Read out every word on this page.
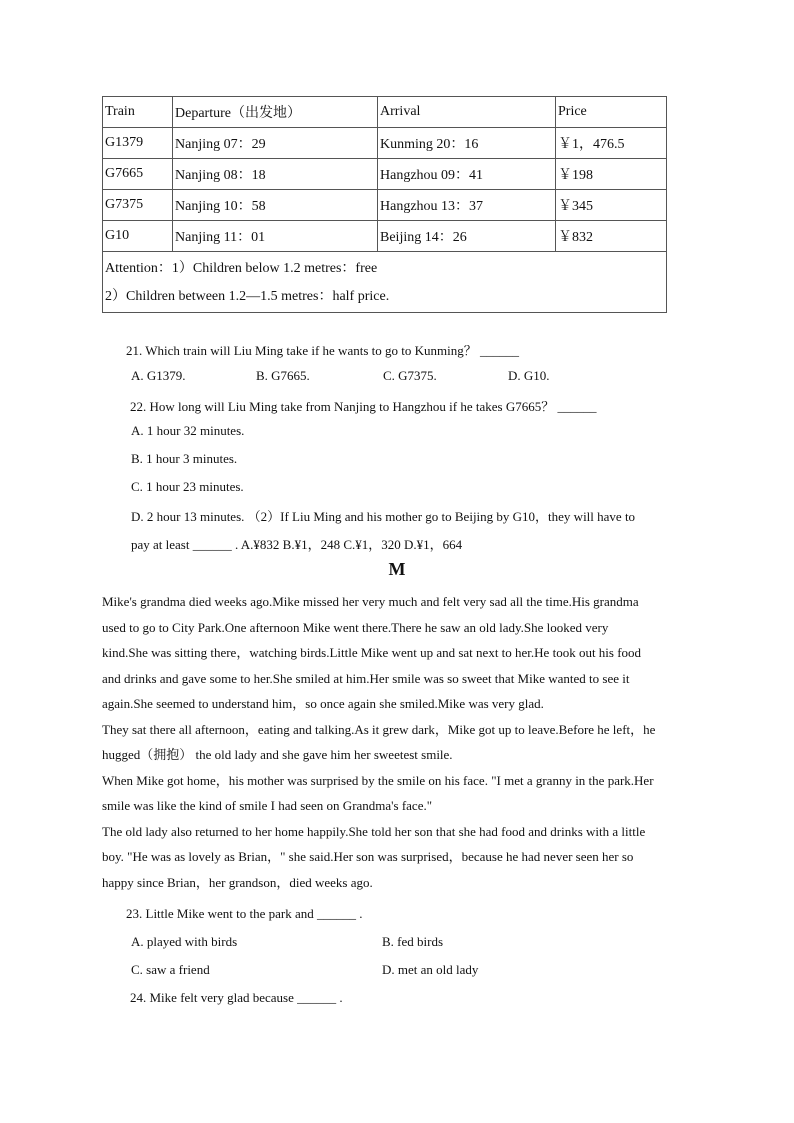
Train	Departure（出发地）	Arrival	Price
G1379	Nanjing 07：29	Kunming 20：16	￥1，476.5
G7665	Nanjing 08：18	Hangzhou 09：41	￥198
G7375	Nanjing 10：58	Hangzhou 13：37	￥345
G10	Nanjing 11：01	Beijing 14：26	￥832

Attention：1）Children below 1.2 metres：free
2）Children between 1.2—1.5 metres：half price.			
21. Which train will Liu Ming take if he wants to go to Kunming？ ______
A. G1379.	B. G7665.	C. G7375.	D. G10.
22. How long will Liu Ming take from Nanjing to Hangzhou if he takes G7665？ ______
A. 1 hour 32 minutes.
B. 1 hour 3 minutes.
C. 1 hour 23 minutes.
D. 2 hour 13 minutes. （2）If Liu Ming and his mother go to Beijing by G10，they will have to
pay at least ______ . A.¥832 B.¥1，248 C.¥1，320 D.¥1，664
M
Mike's grandma died weeks ago.Mike missed her very much and felt very sad all the time.His grandma
used to go to City Park.One afternoon Mike went there.There he saw an old lady.She looked very
kind.She was sitting there，watching birds.Little Mike went up and sat next to her.He took out his food
and drinks and gave some to her.She smiled at him.Her smile was so sweet that Mike wanted to see it
again.She seemed to understand him，so once again she smiled.Mike was very glad.
They sat there all afternoon，eating and talking.As it grew dark，Mike got up to leave.Before he left，he
hugged（拥抱） the old lady and she gave him her sweetest smile.
When Mike got home，his mother was surprised by the smile on his face. "I met a granny in the park.Her
smile was like the kind of smile I had seen on Grandma's face."
The old lady also returned to her home happily.She told her son that she had food and drinks with a little
boy. "He was as lovely as Brian，" she said.Her son was surprised，because he had never seen her so
happy since Brian，her grandson，died weeks ago.
23. Little Mike went to the park and ______ .
A. played with birds	B. fed birds
C. saw a friend	D. met an old lady
24. Mike felt very glad because ______ .
